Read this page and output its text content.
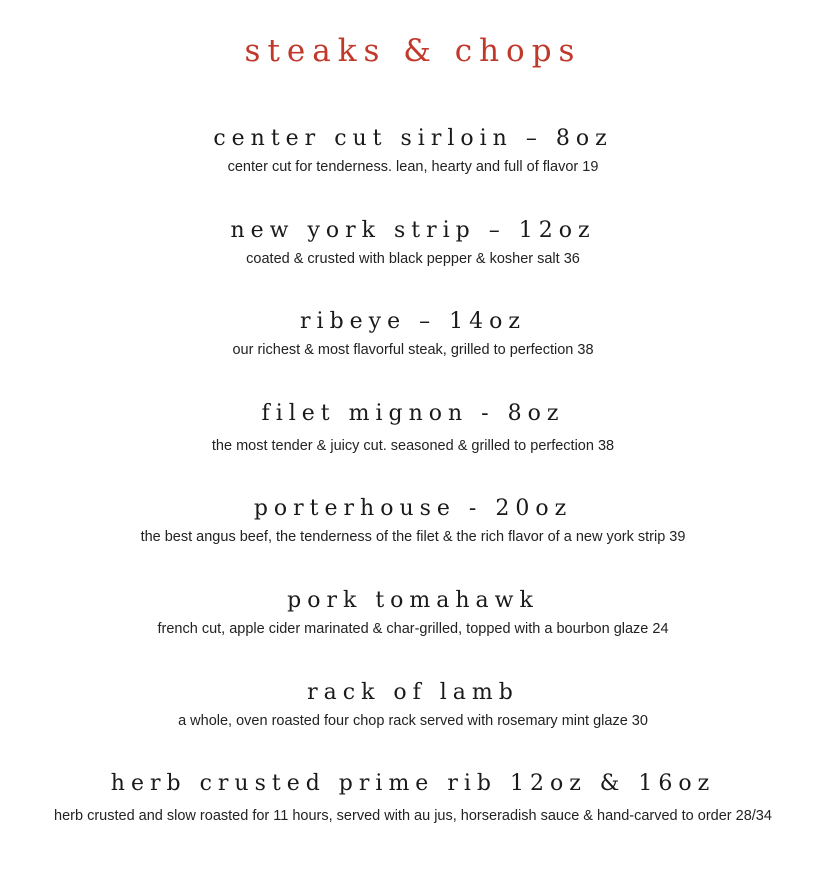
steaks & chops
center cut sirloin – 8oz
center cut for tenderness. lean, hearty and full of flavor 19
new york strip – 12oz
coated & crusted with black pepper & kosher salt 36
ribeye – 14oz
our richest & most flavorful steak, grilled to perfection 38
filet mignon - 8oz
the most tender & juicy cut. seasoned & grilled to perfection 38
porterhouse - 20oz
the best angus beef, the tenderness of the filet & the rich flavor of a new york strip 39
pork tomahawk
french cut, apple cider marinated & char-grilled, topped with a bourbon glaze 24
rack of lamb
a whole, oven roasted four chop rack served with rosemary mint glaze 30
herb crusted prime rib 12oz & 16oz
herb crusted and slow roasted for 11 hours, served with au jus, horseradish sauce & hand-carved to order 28/34
